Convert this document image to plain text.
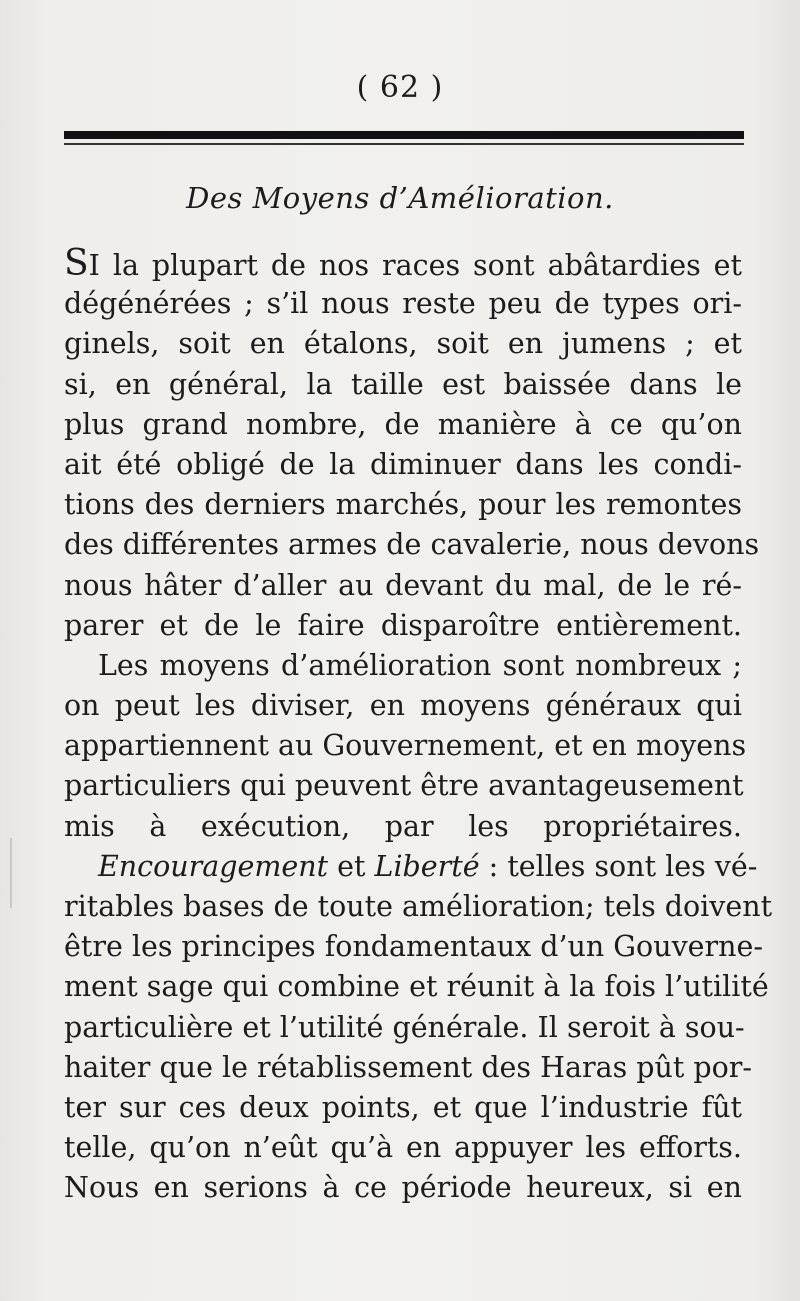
( 62 )
Des Moyens d’Amélioration.
SI la plupart de nos races sont abâtardies et
dégénérées ; s’il nous reste peu de types ori-
ginels, soit en étalons, soit en jumens ; et
si, en général, la taille est baissée dans le
plus grand nombre, de manière à ce qu’on
ait été obligé de la diminuer dans les condi-
tions des derniers marchés, pour les remontes
des différentes armes de cavalerie, nous devons
nous hâter d’aller au devant du mal, de le ré-
parer et de le faire disparoître entièrement.
Les moyens d’amélioration sont nombreux ;
on peut les diviser, en moyens généraux qui
appartiennent au Gouvernement, et en moyens
particuliers qui peuvent être avantageusement
mis à exécution, par les propriétaires.
Encouragement et Liberté : telles sont les vé-
ritables bases de toute amélioration; tels doivent
être les principes fondamentaux d’un Gouverne-
ment sage qui combine et réunit à la fois l’utilité
particulière et l’utilité générale. Il seroit à sou-
haiter que le rétablissement des Haras pût por-
ter sur ces deux points, et que l’industrie fût
telle, qu’on n’eût qu’à en appuyer les efforts.
Nous en serions à ce période heureux, si en
